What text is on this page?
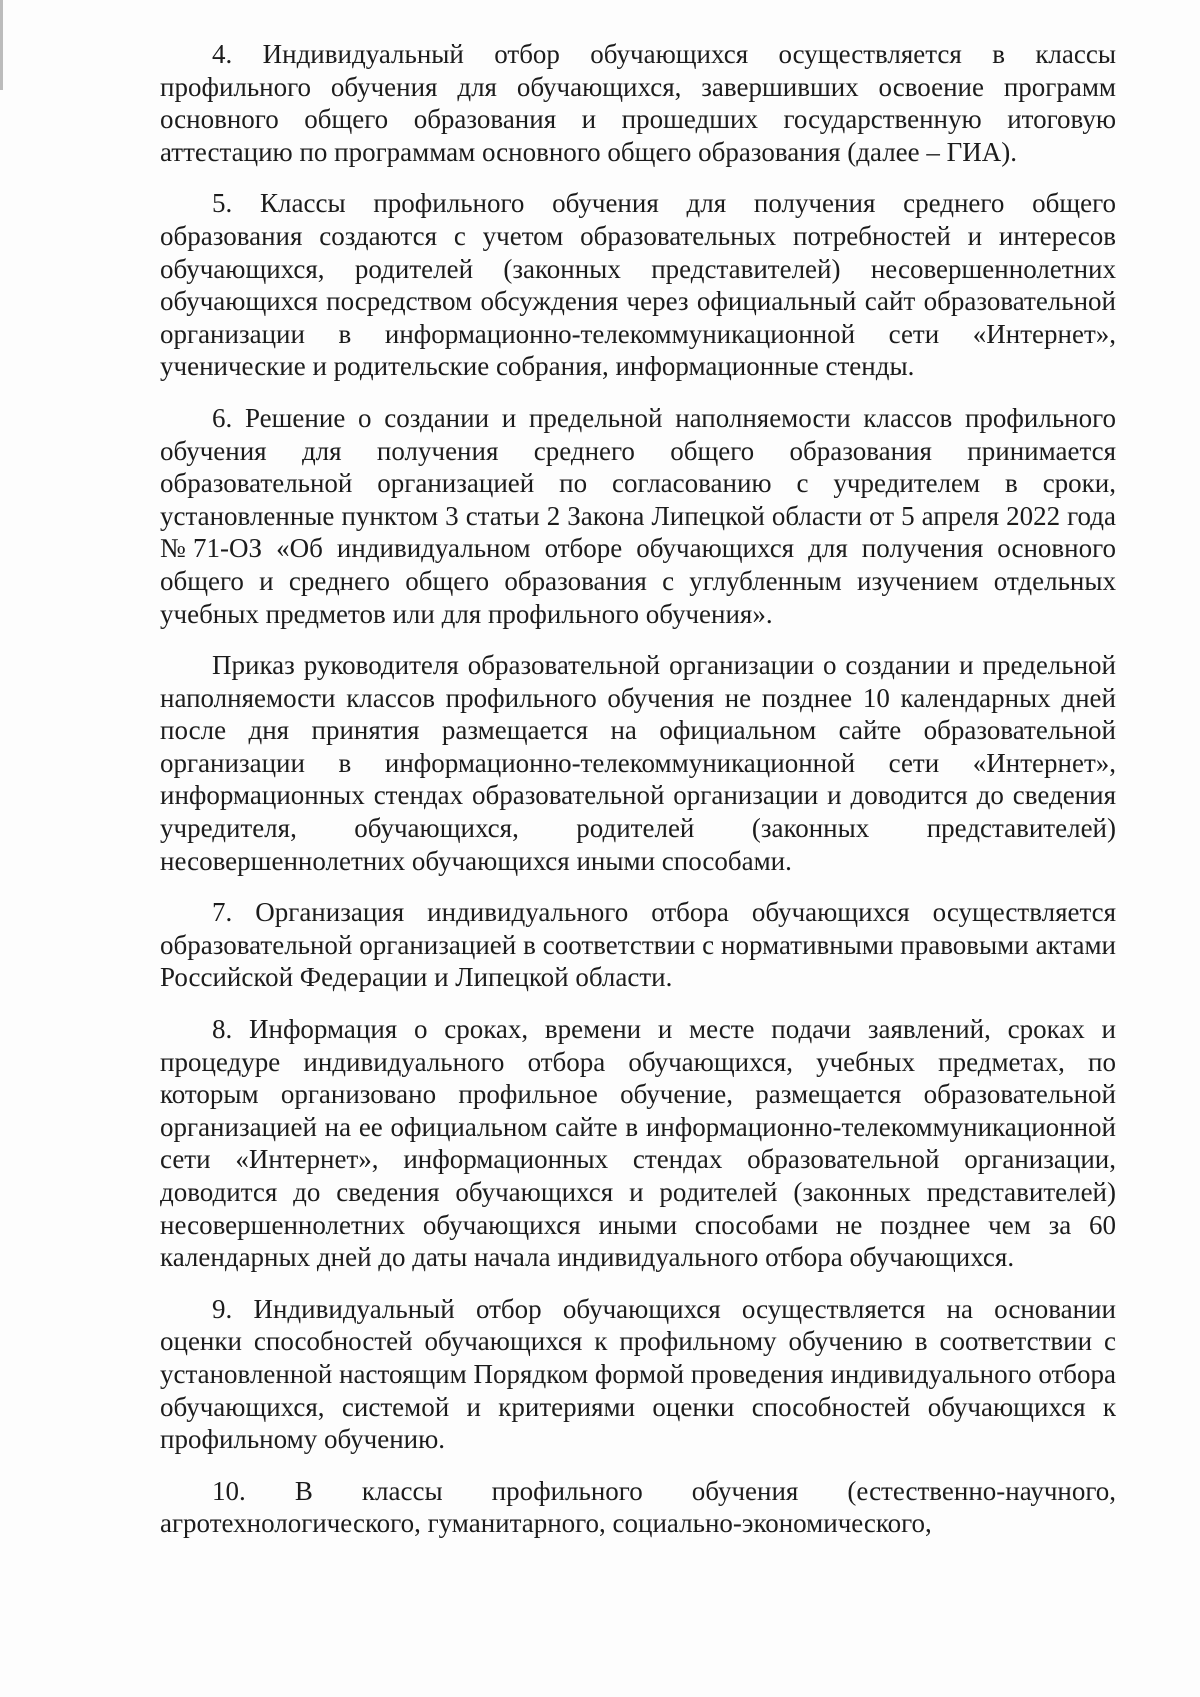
4. Индивидуальный отбор обучающихся осуществляется в классы профильного обучения для обучающихся, завершивших освоение программ основного общего образования и прошедших государственную итоговую аттестацию по программам основного общего образования (далее – ГИА).

5. Классы профильного обучения для получения среднего общего образования создаются с учетом образовательных потребностей и интересов обучающихся, родителей (законных представителей) несовершеннолетних обучающихся посредством обсуждения через официальный сайт образовательной организации в информационно-телекоммуникационной сети «Интернет», ученические и родительские собрания, информационные стенды.

6. Решение о создании и предельной наполняемости классов профильного обучения для получения среднего общего образования принимается образовательной организацией по согласованию с учредителем в сроки, установленные пунктом 3 статьи 2 Закона Липецкой области от 5 апреля 2022 года №71-ОЗ «Об индивидуальном отборе обучающихся для получения основного общего и среднего общего образования с углубленным изучением отдельных учебных предметов или для профильного обучения».

Приказ руководителя образовательной организации о создании и предельной наполняемости классов профильного обучения не позднее 10 календарных дней после дня принятия размещается на официальном сайте образовательной организации в информационно-телекоммуникационной сети «Интернет», информационных стендах образовательной организации и доводится до сведения учредителя, обучающихся, родителей (законных представителей) несовершеннолетних обучающихся иными способами.

7. Организация индивидуального отбора обучающихся осуществляется образовательной организацией в соответствии с нормативными правовыми актами Российской Федерации и Липецкой области.

8. Информация о сроках, времени и месте подачи заявлений, сроках и процедуре индивидуального отбора обучающихся, учебных предметах, по которым организовано профильное обучение, размещается образовательной организацией на ее официальном сайте в информационно-телекоммуникационной сети «Интернет», информационных стендах образовательной организации, доводится до сведения обучающихся и родителей (законных представителей) несовершеннолетних обучающихся иными способами не позднее чем за 60 календарных дней до даты начала индивидуального отбора обучающихся.

9. Индивидуальный отбор обучающихся осуществляется на основании оценки способностей обучающихся к профильному обучению в соответствии с установленной настоящим Порядком формой проведения индивидуального отбора обучающихся, системой и критериями оценки способностей обучающихся к профильному обучению.

10. В классы профильного обучения (естественно-научного, агротехнологического, гуманитарного, социально-экономического,
